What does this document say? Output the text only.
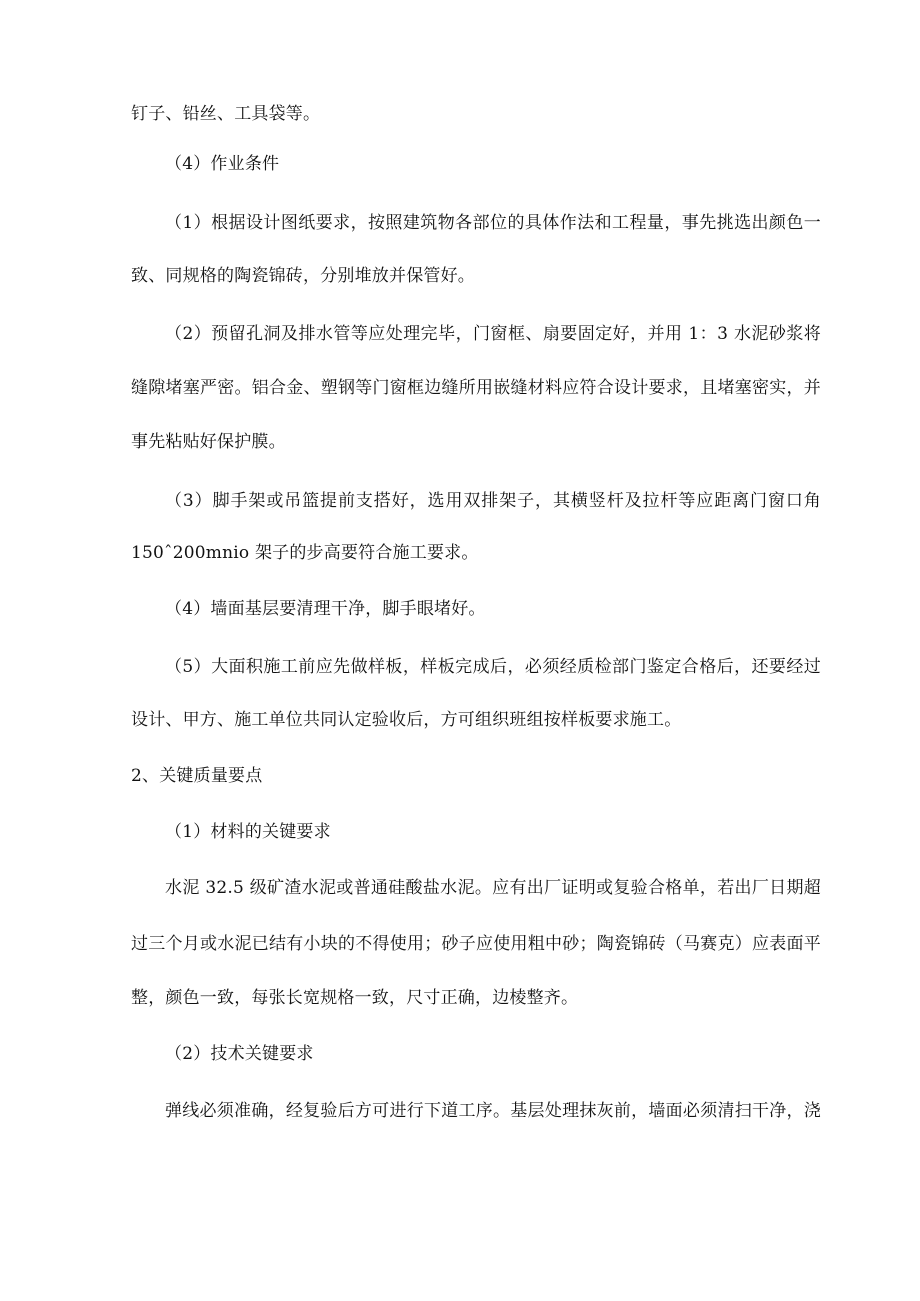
钉子、铅丝、工具袋等。
（4）作业条件
（1）根据设计图纸要求，按照建筑物各部位的具体作法和工程量，事先挑选出颜色一
致、同规格的陶瓷锦砖，分别堆放并保管好。
（2）预留孔洞及排水管等应处理完毕，门窗框、扇要固定好，并用 1：3 水泥砂浆将
缝隙堵塞严密。铝合金、塑钢等门窗框边缝所用嵌缝材料应符合设计要求，且堵塞密实，并
事先粘贴好保护膜。
（3）脚手架或吊篮提前支搭好，选用双排架子，其横竖杆及拉杆等应距离门窗口角
150ˆ200mnio 架子的步高要符合施工要求。
（4）墙面基层要清理干净，脚手眼堵好。
（5）大面积施工前应先做样板，样板完成后，必须经质检部门鉴定合格后，还要经过
设计、甲方、施工单位共同认定验收后，方可组织班组按样板要求施工。
2、关键质量要点
（1）材料的关键要求
水泥 32.5 级矿渣水泥或普通硅酸盐水泥。应有出厂证明或复验合格单，若出厂日期超
过三个月或水泥已结有小块的不得使用；砂子应使用粗中砂；陶瓷锦砖（马赛克）应表面平
整，颜色一致，每张长宽规格一致，尺寸正确，边棱整齐。
（2）技术关键要求
弹线必须准确，经复验后方可进行下道工序。基层处理抹灰前，墙面必须清扫干净，浇
